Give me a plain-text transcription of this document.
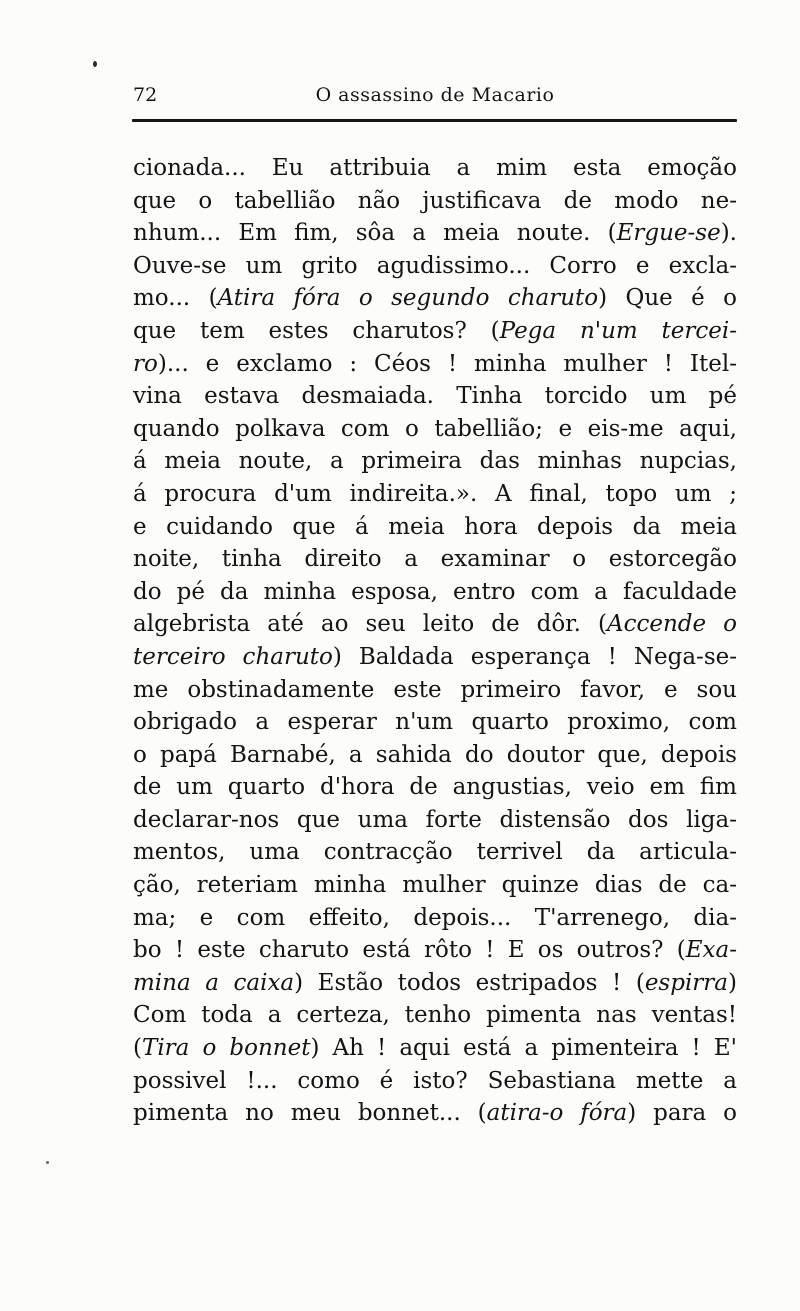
72	O assassino de Macario
cionada... Eu attribuia a mim esta emoção
que o tabellião não justificava de modo ne-
nhum... Em fim, sôa a meia noute. (Ergue-se).
Ouve-se um grito agudissimo... Corro e excla-
mo... (Atira fóra o segundo charuto) Que é o
que tem estes charutos? (Pega n'um tercei-
ro)... e exclamo : Céos ! minha mulher ! Itel-
vina estava desmaiada. Tinha torcido um pé
quando polkava com o tabellião; e eis-me aqui,
á meia noute, a primeira das minhas nupcias,
á procura d'um indireita.». A final, topo um ;
e cuidando que á meia hora depois da meia
noite, tinha direito a examinar o estorcegão
do pé da minha esposa, entro com a faculdade
algebrista até ao seu leito de dôr. (Accende o
terceiro charuto) Baldada esperança ! Nega-se-
me obstinadamente este primeiro favor, e sou
obrigado a esperar n'um quarto proximo, com
o papá Barnabé, a sahida do doutor que, depois
de um quarto d'hora de angustias, veio em fim
declarar-nos que uma forte distensão dos liga-
mentos, uma contracção terrivel da articula-
ção, reteriam minha mulher quinze dias de ca-
ma; e com effeito, depois... T'arrenego, dia-
bo ! este charuto está rôto ! E os outros? (Exa-
mina a caixa) Estão todos estripados ! (espirra)
Com toda a certeza, tenho pimenta nas ventas!
(Tira o bonnet) Ah ! aqui está a pimenteira ! E'
possivel !... como é isto? Sebastiana mette a
pimenta no meu bonnet... (atira-o fóra) para o
